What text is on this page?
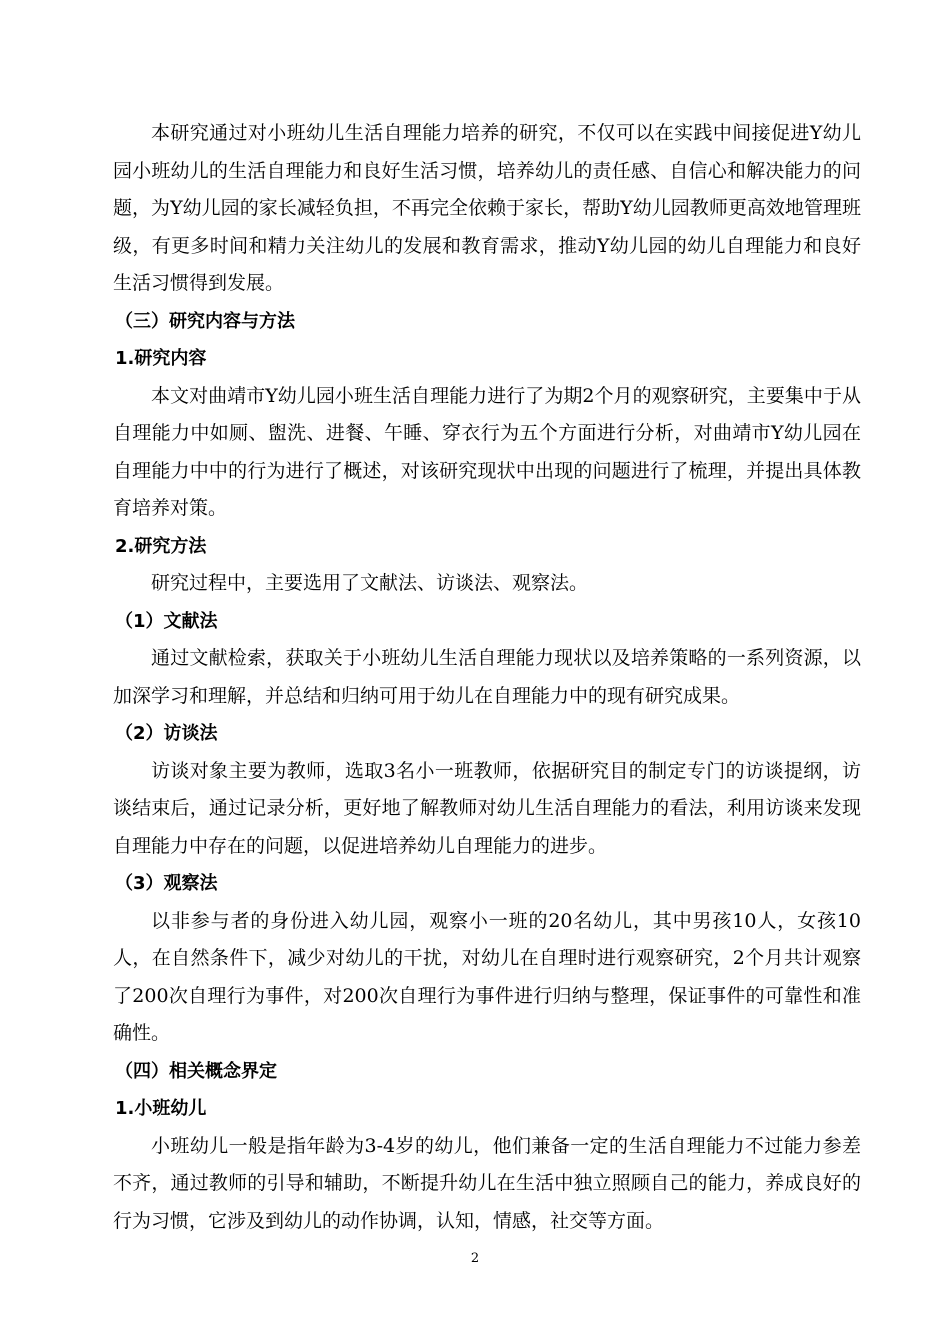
本研究通过对小班幼儿生活自理能力培养的研究，不仅可以在实践中间接促进Y幼儿园小班幼儿的生活自理能力和良好生活习惯，培养幼儿的责任感、自信心和解决能力的问题，为Y幼儿园的家长减轻负担，不再完全依赖于家长，帮助Y幼儿园教师更高效地管理班级，有更多时间和精力关注幼儿的发展和教育需求，推动Y幼儿园的幼儿自理能力和良好生活习惯得到发展。

（三）研究内容与方法
1.研究内容

本文对曲靖市Y幼儿园小班生活自理能力进行了为期2个月的观察研究，主要集中于从自理能力中如厕、盥洗、进餐、午睡、穿衣行为五个方面进行分析，对曲靖市Y幼儿园在自理能力中中的行为进行了概述，对该研究现状中出现的问题进行了梳理，并提出具体教育培养对策。

2.研究方法

研究过程中，主要选用了文献法、访谈法、观察法。

（1）文献法

通过文献检索，获取关于小班幼儿生活自理能力现状以及培养策略的一系列资源，以加深学习和理解，并总结和归纳可用于幼儿在自理能力中的现有研究成果。

（2）访谈法

访谈对象主要为教师，选取3名小一班教师，依据研究目的制定专门的访谈提纲，访谈结束后，通过记录分析，更好地了解教师对幼儿生活自理能力的看法，利用访谈来发现自理能力中存在的问题，以促进培养幼儿自理能力的进步。

（3）观察法

以非参与者的身份进入幼儿园，观察小一班的20名幼儿，其中男孩10人，女孩10人，在自然条件下，减少对幼儿的干扰，对幼儿在自理时进行观察研究，2个月共计观察了200次自理行为事件，对200次自理行为事件进行归纳与整理，保证事件的可靠性和准确性。

（四）相关概念界定
1.小班幼儿

小班幼儿一般是指年龄为3-4岁的幼儿，他们兼备一定的生活自理能力不过能力参差不齐，通过教师的引导和辅助，不断提升幼儿在生活中独立照顾自己的能力，养成良好的行为习惯，它涉及到幼儿的动作协调，认知，情感，社交等方面。

2
